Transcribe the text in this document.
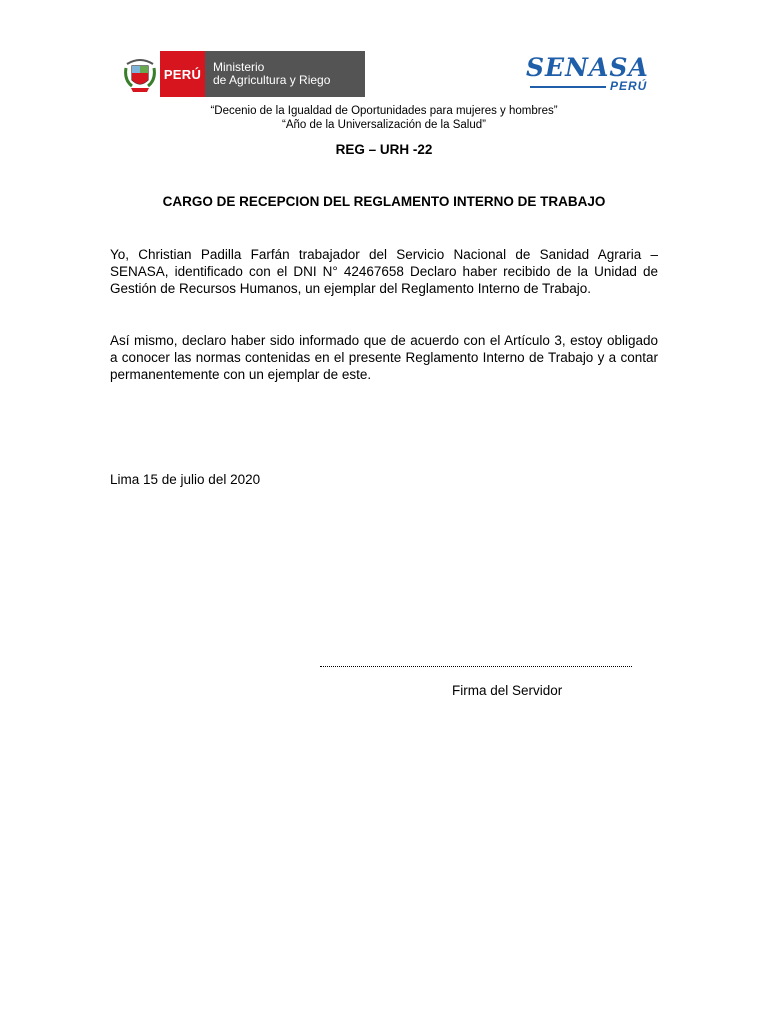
PERÚ Ministerio
de Agricultura y Riego	SENASA
PERÚ
“Decenio de la Igualdad de Oportunidades para mujeres y hombres”
“Año de la Universalización de la Salud”
REG – URH -22
CARGO DE RECEPCION DEL REGLAMENTO INTERNO DE TRABAJO
Yo, Christian Padilla Farfán trabajador del Servicio Nacional de Sanidad Agraria – SENASA, identificado con el DNI N° 42467658 Declaro haber recibido de la Unidad de Gestión de Recursos Humanos, un ejemplar del Reglamento Interno de Trabajo.
Así mismo, declaro haber sido informado que de acuerdo con el Artículo 3, estoy obligado a conocer las normas contenidas en el presente Reglamento Interno de Trabajo y a contar permanentemente con un ejemplar de este.
Lima 15 de julio del 2020
Firma del Servidor
